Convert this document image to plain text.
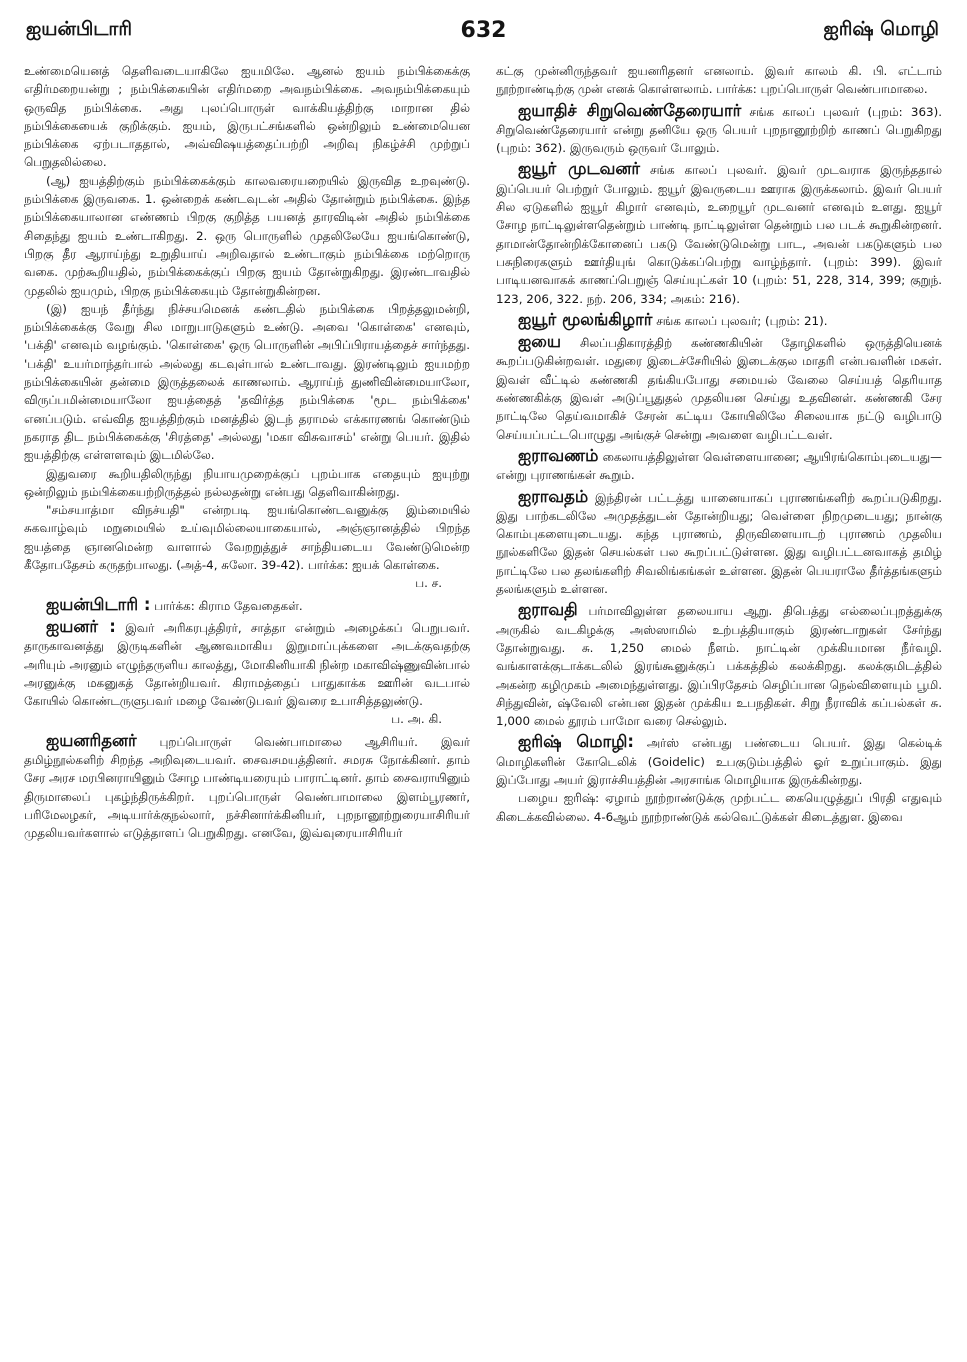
ஐயன்பிடாரி	632	ஐரிஷ் மொழி

உண்மையெனத் தெளிவடையாகிலே ஐயமிலே. ஆனல் ஐயம் நம்பிக்கைக்கு எதிர்மறையன்று ; நம்பிக்கையின் எதிர்மறை அவநம்பிக்கை. அவநம்பிக்கையும் ஒருவித நம்பிக்கை. அது புலப்பொருள் வாக்கியத்திற்கு மாறான தில் நம்பிக்கையைக் குறிக்கும். ஐயம், இருபட்சங்களில் ஒன்றிலும் உண்மையென நம்பிக்கை ஏற்படாததால், அவ்விஷயத்தைப்பற்றி அறிவு நிகழ்ச்சி முற்றுப் பெறுதலில்லை.

(ஆ) ஐயத்திற்கும் நம்பிக்கைக்கும் காலவரையறையில் இருவித உறவுண்டு. நம்பிக்கை இருவகை. 1. ஒன்றைக் கண்டவுடன் அதில் தோன்றும் நம்பிக்கை. இந்த நம்பிக்கையாலான எண்ணம் பிறகு குறித்த பயனத் தாரவிடின் அதில் நம்பிக்கை சிதைந்து ஐயம் உண்டாகிறது. 2. ஒரு பொருளில் முதலிலேயே ஐயங்கொண்டு, பிறகு தீர ஆராய்ந்து உறுதியாய் அறிவதால் உண்டாகும் நம்பிக்கை மற்றொரு வகை. முற்கூறியதில், நம்பிக்கைக்குப் பிறகு ஐயம் தோன்றுகிறது. இரண்டாவதில் முதலில் ஐயமும், பிறகு நம்பிக்கையும் தோன்றுகின்றன.

(இ) ஐயந் தீர்ந்து நிச்சயமெனக் கண்டதில் நம்பிக்கை பிறத்தலுமன்றி, நம்பிக்கைக்கு வேறு சில மாறுபாடுகளும் உண்டு. அவை 'கொள்கை' எனவும், 'பக்தி' எனவும் வழங்கும். 'கொள்கை' ஒரு பொருளின் அபிப்பிராயத்தைச் சார்ந்தது. 'பக்தி' உயர்மாந்தர்பால் அல்லது கடவுள்பால் உண்டாவது. இரண்டிலும் ஐயமற்ற நம்பிக்கையின் தன்மை இருத்தலைக் காணலாம். ஆராய்ந் துணிவின்மையாலோ, விருப்பமின்மையாலோ ஐயத்தைத் 'தவிர்த்த நம்பிக்கை 'மூட நம்பிக்கை' எனப்படும். எவ்வித ஐயத்திற்கும் மனத்தில் இடந் தராமல் எக்காரணங் கொண்டும் நகராத திட நம்பிக்கைக்கு 'சிரத்தை' அல்லது 'மகா விசுவாசம்' என்று பெயர். இதில் ஐயத்திற்கு எள்ளளவும் இடமில்லே.

இதுவரை கூறியதிலிருந்து நியாயமுறைக்குப் புறம்பாக எதையும் ஐயுற்று ஒன்றிலும் நம்பிக்கையற்றிருத்தல் நல்லதன்று என்பது தெளிவாகின்றது.

"சம்சயாத்மா விநச்யதி" என்றபடி ஐயங்கொண்டவனுக்கு இம்மையில் சுகவாழ்வும் மறுமையில் உய்வுமில்லையாகையால், அஞ்ஞானத்தில் பிறந்த ஐயத்தை ஞானமென்ற வாளால் வேறறுத்துச் சாந்தியடைய வேண்டுமென்ற கீதோபதேசம் கருதற்பாலது. (அத்-4, சுலோ. 39-42). பார்க்க: ஐயக் கொள்கை.

ப. ச.

ஐயன்பிடாரி : பார்க்க: கிராம தேவதைகள்.

ஐயனர் : இவர் அரிகரபுத்திரர், சாத்தா என்றும் அழைக்கப் பெறுபவர். தாருகாவனத்து இருடிகளின் ஆணவமாகிய இறுமாப்புக்களை அடக்குவதற்கு அரியும் அரனும் எழுந்தருளிய காலத்து, மோகினியாகி நின்ற மகாவிஷ்ணுவின்பால் அரனுக்கு மகனுகத் தோன்றியவர். கிராமத்தைப் பாதுகாக்க ஊரின் வடபால் கோயில் கொண்டருளுபவர் மழை வேண்டுபவர் இவரை உபாசித்தலுண்டு.

ப. அ. கி.

ஐயனரிதனர் புறப்பொருள் வெண்பாமாலை ஆசிரியர். இவர் தமிழ்நூல்களிற் சிறந்த அறிவுடையவர். சைவசமயத்தினர். சமரசு நோக்கினர். தாம் சேர அரச மரபினராயினும் சோழ பாண்டியரையும் பாராட்டினர். தாம் சைவராயினும் திருமாலைப் புகழ்ந்திருக்கிறர். புறப்பொருள் வெண்பாமாலை இளம்பூரணர், பரிமேலழகர், அடியார்க்குநல்லார், நச்சினார்க்கினியர், புறநானூற்றுரையாசிரியர் முதலியவர்களால் எடுத்தாளப் பெறுகிறது. எனவே, இவ்வுரையாசிரியர்

கட்கு முன்னிருந்தவர் ஐயனரிதனர் எனலாம். இவர் காலம் கி. பி. எட்டாம் நூற்றாண்டிற்கு முன் எனக் கொள்ளலாம். பார்க்க: புறப்பொருள் வெண்பாமாலை.

ஐயாதிச் சிறுவெண்தேரையார் சங்க காலப் புலவர் (புறம்: 363). சிறுவெண்தேரையார் என்று தனியே ஒரு பெயர் புறநானூற்றிற் காணப் பெறுகிறது (புறம்: 362). இருவரும் ஒருவர் போலும்.

ஐயூர் முடவனர் சங்க காலப் புலவர். இவர் முடவராக இருந்ததால் இப்பெயர் பெற்றுர் போலும். ஐயூர் இவருடைய ஊராக இருக்கலாம். இவர் பெயர் சில ஏடுகளில் ஐயூர் கிழார் எனவும், உறையூர் முடவனர் எனவும் உளது. ஐயூர் சோழ நாட்டிலுள்ளதென்றும் பாண்டி நாட்டிலுள்ள தென்றும் பல படக் கூறுகின்றனர். தாமான்தோன்றிக்கோனைப் பகடு வேண்டுமென்று பாட, அவன் பகடுகளும் பல பசுநிரைகளும் ஊர்தியுங் கொடுக்கப்பெற்று வாழ்ந்தார். (புறம்: 399). இவர் பாடியனவாகக் காணப்பெறுஞ் செய்யுட்கள் 10 (புறம்: 51, 228, 314, 399; குறுந். 123, 206, 322. நற். 206, 334; அகம்: 216).

ஐயூர் மூலங்கிழார் சங்க காலப் புலவர்; (புறம்: 21).

ஐயை சிலப்பதிகாரத்திற் கண்ணகியின் தோழிகளில் ஒருத்தியெனக் கூறப்படுகின்றவள். மதுரை இடைச்சேரியில் இடைக்குல மாதரி என்பவளின் மகள். இவள் வீட்டில் கண்ணகி தங்கியபோது சமையல் வேலை செய்யத் தெரியாத கண்ணகிக்கு இவள் அடுப்பூதுதல் முதலியன செய்து உதவினள். கண்ணகி சேர நாட்டிலே தெய்வமாகிச் சேரன் கட்டிய கோயிலிலே சிலையாக நட்டு வழிபாடு செய்யப்பட்டபொழுது அங்குச் சென்று அவளை வழிபட்டவள்.

ஐராவணம் கைலாயத்திலுள்ள வெள்ளையானை; ஆயிரங்கொம்புடையது—என்று புராணங்கள் கூறும்.

ஐராவதம் இந்திரன் பட்டத்து யானையாகப் புராணங்களிற் கூறப்படுகிறது. இது பாற்கடலிலே அமுதத்துடன் தோன்றியது; வெள்ளை நிறமுடையது; நான்கு கொம்புகளையுடையது. கந்த புராணம், திருவிளையாடற் புராணம் முதலிய நூல்களிலே இதன் செயல்கள் பல கூறப்பட்டுள்ளன. இது வழிபட்டனவாகத் தமிழ் நாட்டிலே பல தலங்களிற் சிவலிங்கங்கள் உள்ளன. இதன் பெயராலே தீர்த்தங்களும் தலங்களும் உள்ளன.

ஐராவதி பர்மாவிலுள்ள தலையாய ஆறு. திபெத்து எல்லைப்புறத்துக்கு அருகில் வடகிழக்கு அஸ்ஸாமில் உற்பத்தியாகும் இரண்டாறுகள் சேர்ந்து தோன்றுவது. சு. 1,250 மைல் நீளம். நாட்டின் முக்கியமான நீர்வழி. வங்காளக்குடாக்கடலில் இரங்கூனுக்குப் பக்கத்தில் கலக்கிறது. கலக்குமிடத்தில் அகன்ற கழிமுகம் அமைந்துள்ளது. இப்பிரதேசம் செழிப்பான நெல்விளையும் பூமி. சிந்துவின், ஷ்வேலி என்பன இதன் முக்கிய உபநதிகள். சிறு நீராவிக் கப்பல்கள் சு. 1,000 மைல் தூரம் பாமோ வரை செல்லும்.

ஐரிஷ் மொழி: அர்ஸ் என்பது பண்டைய பெயர். இது கெல்டிக் மொழிகளின் கோடெலிக் (Goidelic) உபகுடும்பத்தில் ஓர் உறுப்பாகும். இது இப்போது அயர் இராச்சியத்தின் அரசாங்க மொழியாக இருக்கின்றது.

பழைய ஐரிஷ்: ஏழாம் நூற்றாண்டுக்கு முற்பட்ட கையெழுத்துப் பிரதி எதுவும் கிடைக்கவில்லை. 4-6ஆம் நூற்றாண்டுக் கல்வெட்டுக்கள் கிடைத்துள. இவை
